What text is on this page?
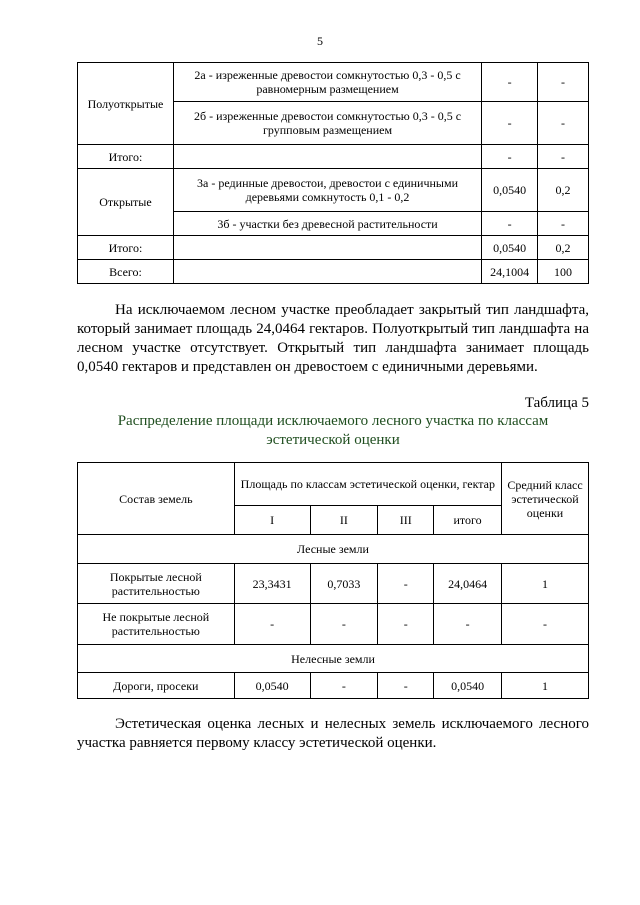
5
Полуоткрытые	2а - изреженные древостои сомкнутостью 0,3 - 0,5 с равномерным размещением	-	-
	2б - изреженные древостои сомкнутостью 0,3 - 0,5 с групповым размещением	-	-
Итого:		-	-
Открытые	3а - рединные древостои, древостои с единичными деревьями сомкнутость 0,1 - 0,2	0,0540	0,2
	3б - участки без древесной растительности	-	-
Итого:		0,0540	0,2
Всего:		24,1004	100
На исключаемом лесном участке преобладает закрытый тип ландшафта,
который занимает площадь 24,0464 гектаров. Полуоткрытый тип ландшафта на
лесном участке отсутствует. Открытый тип ландшафта занимает площадь
0,0540 гектаров и представлен он древостоем с единичными деревьями.
Таблица 5
Распределение площади исключаемого лесного участка по классам
эстетической оценки
Состав земель	Площадь по классам эстетической оценки, гектар				Средний класс эстетической оценки
	I	II	III	итого	
Лесные земли					
Покрытые лесной растительностью	23,3431	0,7033	-	24,0464	1
Не покрытые лесной растительностью	-	-	-	-	-
Нелесные земли					
Дороги, просеки	0,0540	-	-	0,0540	1
Эстетическая оценка лесных и нелесных земель исключаемого лесного
участка равняется первому классу эстетической оценки.
